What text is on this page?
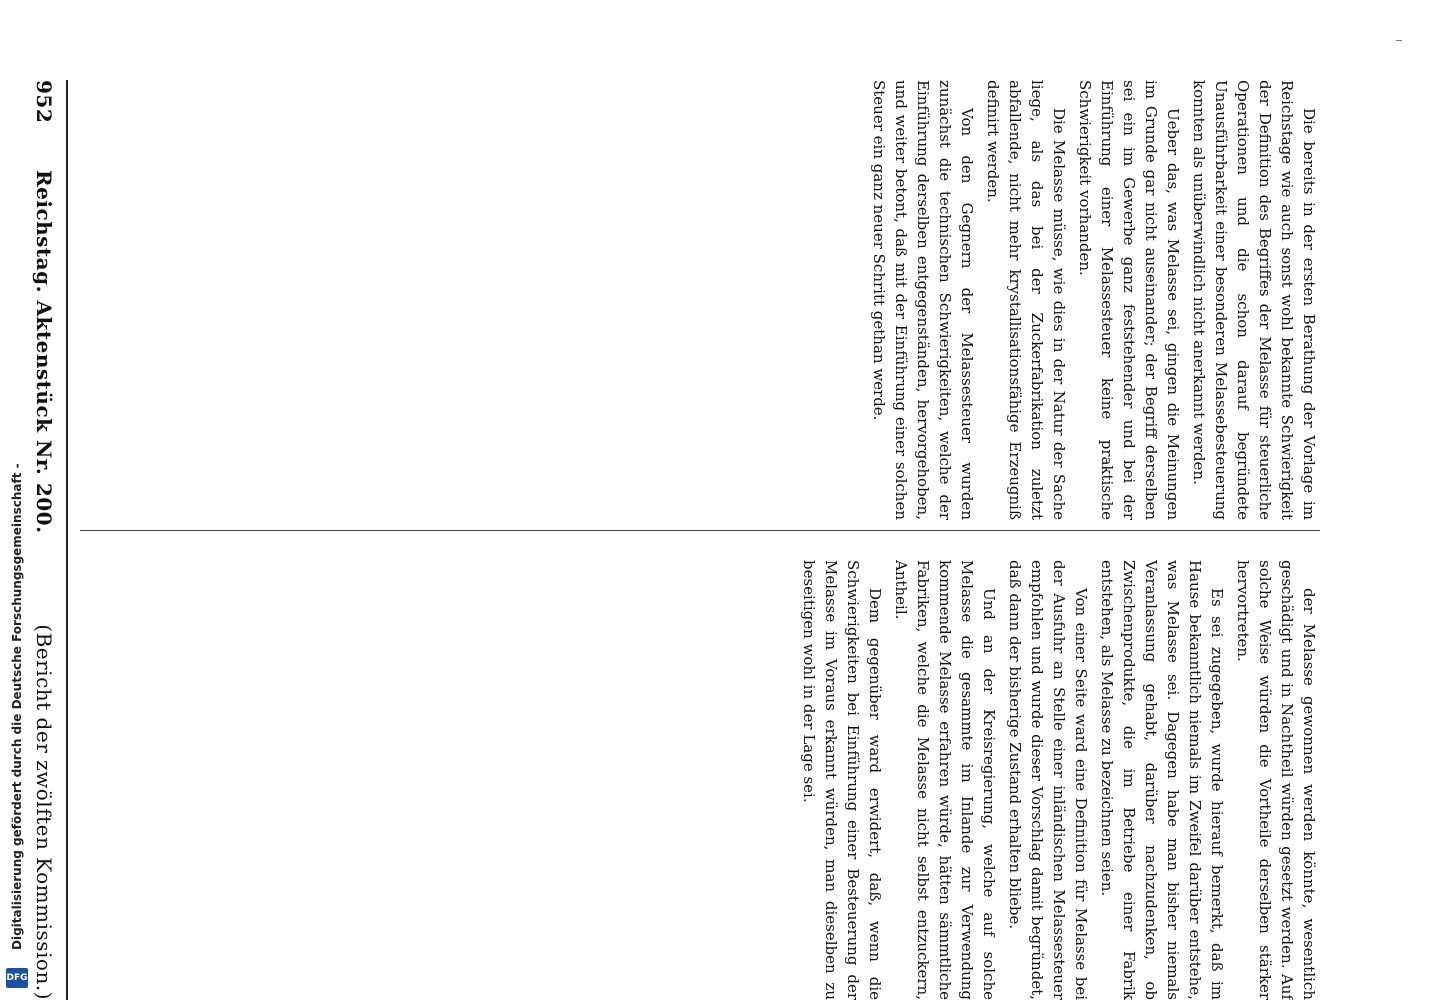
Digitalisierung gefördert durch die Deutsche Forschungsgemeinschaft -
DFG

Die bereits in der ersten Berathung der Vorlage im Reichstage wie auch sonst wohl bekannte Schwierigkeit der Definition des Begriffes der Melasse für steuerliche Operationen und die schon darauf begründete Unausführbarkeit einer besonderen Melassebesteuerung konnten als unüberwindlich nicht anerkannt werden.

Ueber das, was Melasse sei, gingen die Meinungen im Grunde gar nicht auseinander; der Begriff derselben sei ein im Gewerbe ganz feststehender und bei der Einführung einer Melassesteuer keine praktische Schwierigkeit vorhanden.

Die Melasse müsse, wie dies in der Natur der Sache liege, als das bei der Zuckerfabrikation zuletzt abfallende, nicht mehr krystallisationsfähige Erzeugniß definirt werden.

Von den Gegnern der Melassesteuer wurden zunächst die technischen Schwierigkeiten, welche der Einführung derselben entgegenständen, hervorgehoben, und weiter betont, daß mit der Einführung einer solchen Steuer ein ganz neuer Schritt gethan werde.

der Melasse gewonnen werden könnte, wesentlich geschädigt und in Nachtheil würden gesetzt werden. Auf solche Weise würden die Vortheile derselben stärker hervortreten.

Es sei zugegeben, wurde hierauf bemerkt, daß im Hause bekanntlich niemals im Zweifel darüber entstehe, was Melasse sei. Dagegen habe man bisher niemals Veranlassung gehabt, darüber nachzudenken, ob Zwischenprodukte, die im Betriebe einer Fabrik entstehen, als Melasse zu bezeichnen seien.

Von einer Seite ward eine Definition für Melasse bei der Ausfuhr an Stelle einer inländischen Melassesteuer empfohlen und wurde dieser Vorschlag damit begründet, daß dann der bisherige Zustand erhalten bliebe.

Und an der Kreisregierung, welche auf solche Melasse die gesammte im Inlande zur Verwendung kommende Melasse erfahren würde, hätten sämmtliche Fabriken, welche die Melasse nicht selbst entzuckern, Antheil.

Dem gegenüber ward erwidert, daß, wenn die Schwierigkeiten bei Einführung einer Besteuerung der Melasse im Voraus erkannt würden, man dieselben zu beseitigen wohl in der Lage sei.

952
Reichstag. Aktenstück Nr. 200.
(Bericht der zwölften Kommission.)
